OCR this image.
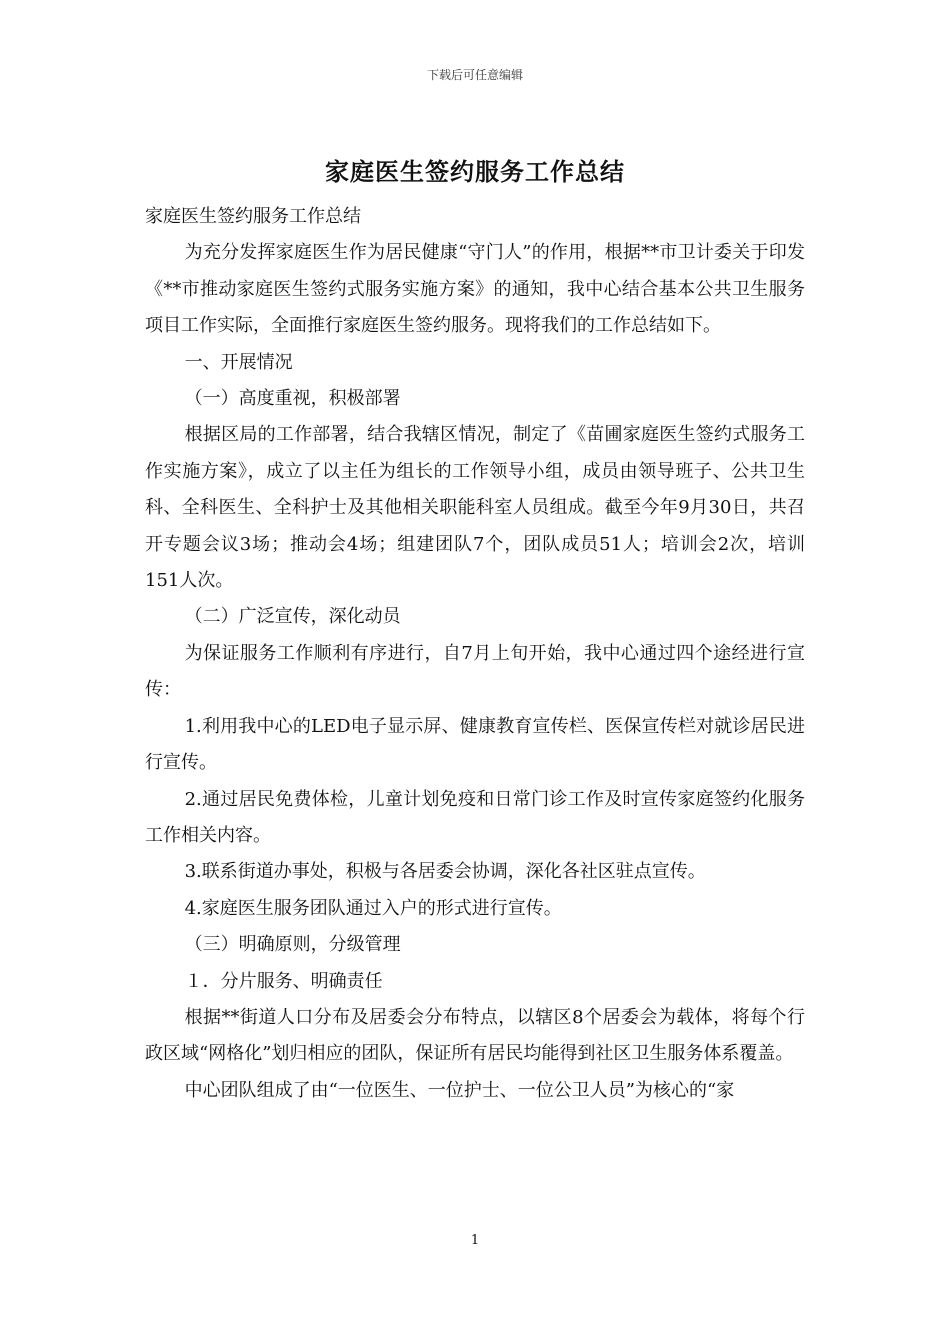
下载后可任意编辑
家庭医生签约服务工作总结

家庭医生签约服务工作总结

为充分发挥家庭医生作为居民健康“守门人”的作用，根据**市卫计委关于印发《**市推动家庭医生签约式服务实施方案》的通知，我中心结合基本公共卫生服务项目工作实际，全面推行家庭医生签约服务。现将我们的工作总结如下。

一、开展情况

（一）高度重视，积极部署

根据区局的工作部署，结合我辖区情况，制定了《苗圃家庭医生签约式服务工作实施方案》，成立了以主任为组长的工作领导小组，成员由领导班子、公共卫生科、全科医生、全科护士及其他相关职能科室人员组成。截至今年9月30日，共召开专题会议3场；推动会4场；组建团队7个，团队成员51人；培训会2次，培训151人次。

（二）广泛宣传，深化动员

为保证服务工作顺利有序进行，自7月上旬开始，我中心通过四个途经进行宣传：

1.利用我中心的LED电子显示屏、健康教育宣传栏、医保宣传栏对就诊居民进行宣传。

2.通过居民免费体检，儿童计划免疫和日常门诊工作及时宣传家庭签约化服务工作相关内容。

3.联系街道办事处，积极与各居委会协调，深化各社区驻点宣传。

4.家庭医生服务团队通过入户的形式进行宣传。

（三）明确原则，分级管理

１．分片服务、明确责任

根据**街道人口分布及居委会分布特点，以辖区8个居委会为载体，将每个行政区域“网格化”划归相应的团队，保证所有居民均能得到社区卫生服务体系覆盖。

中心团队组成了由“一位医生、一位护士、一位公卫人员”为核心的“家

1
